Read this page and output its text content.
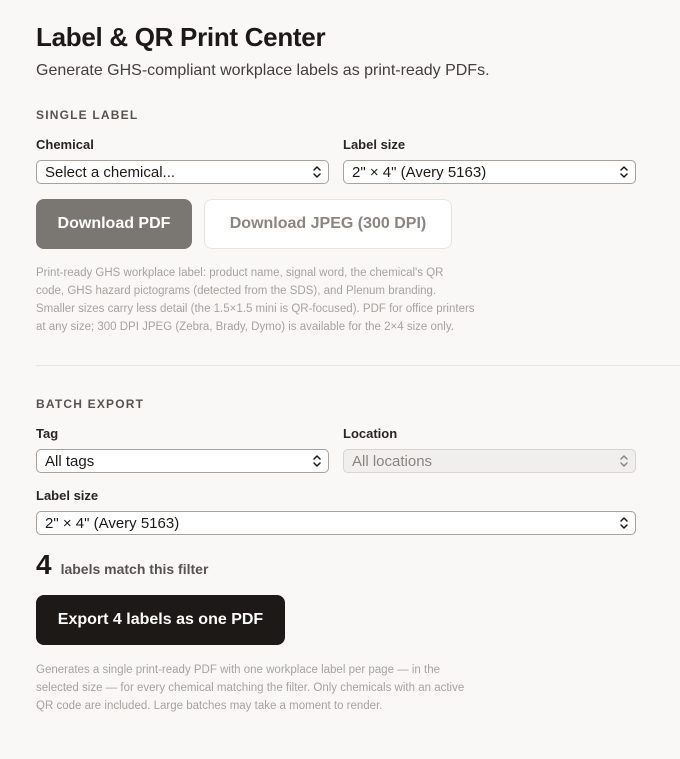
Label & QR Print Center
Generate GHS-compliant workplace labels as print-ready PDFs.
SINGLE LABEL
Chemical
Select a chemical...
Label size
2" × 4" (Avery 5163)
Download PDF	Download JPEG (300 DPI)
Print-ready GHS workplace label: product name, signal word, the chemical's QR
code, GHS hazard pictograms (detected from the SDS), and Plenum branding.
Smaller sizes carry less detail (the 1.5×1.5 mini is QR-focused). PDF for office printers
at any size; 300 DPI JPEG (Zebra, Brady, Dymo) is available for the 2×4 size only.
BATCH EXPORT
Tag
All tags
Location
All locations
Label size
2" × 4" (Avery 5163)
4 labels match this filter
Export 4 labels as one PDF
Generates a single print-ready PDF with one workplace label per page — in the
selected size — for every chemical matching the filter. Only chemicals with an active
QR code are included. Large batches may take a moment to render.
